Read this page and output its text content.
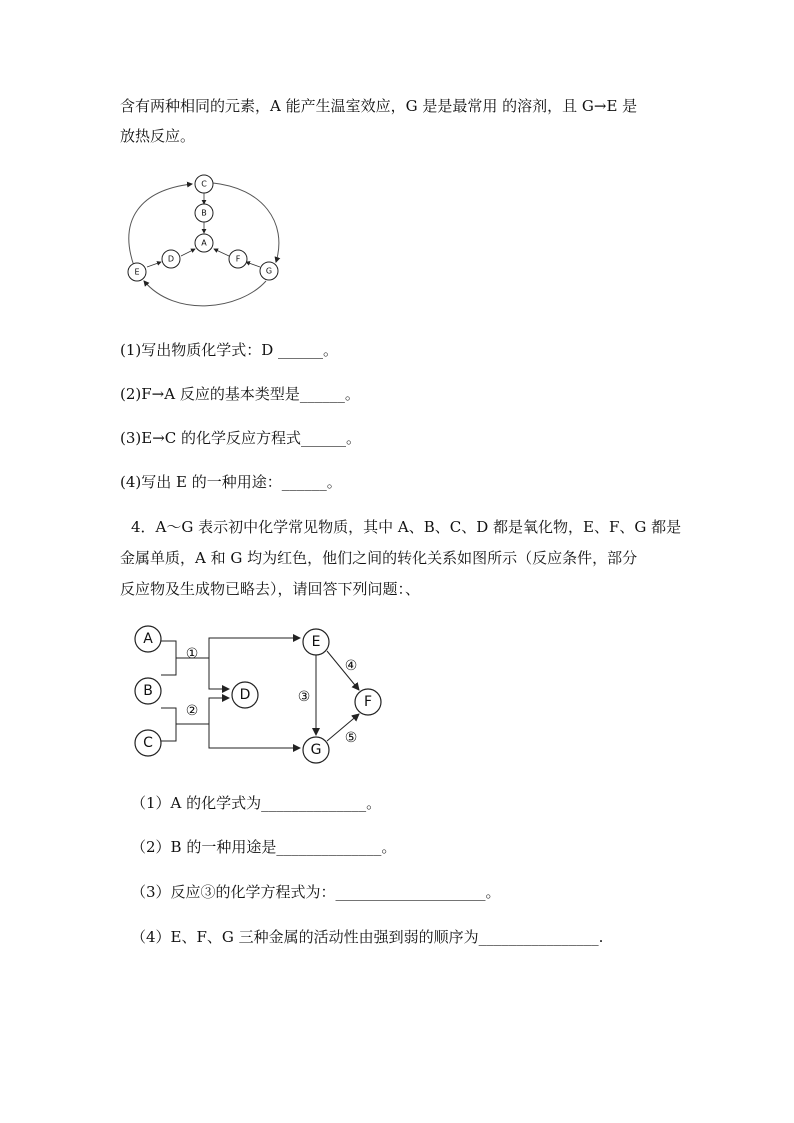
含有两种相同的元素，A 能产生温室效应，G 是是最常用 的溶剂，且 G→E 是
放热反应。
C
B
A
D	F
E	G
①
②
③
④
⑤
A
B
C
D
E
F
G
(1)写出物质化学式：D ______。
(2)F→A 反应的基本类型是______。
(3)E→C 的化学反应方程式______。
(4)写出 E 的一种用途：______。
4．A～G 表示初中化学常见物质，其中 A、B、C、D 都是氧化物，E、F、G 都是
金属单质，A 和 G 均为红色，他们之间的转化关系如图所示（反应条件，部分
反应物及生成物已略去），请回答下列问题：、
（1）A 的化学式为______________。
（2）B 的一种用途是______________。
（3）反应③的化学方程式为：____________________。
（4）E、F、G 三种金属的活动性由强到弱的顺序为________________.
